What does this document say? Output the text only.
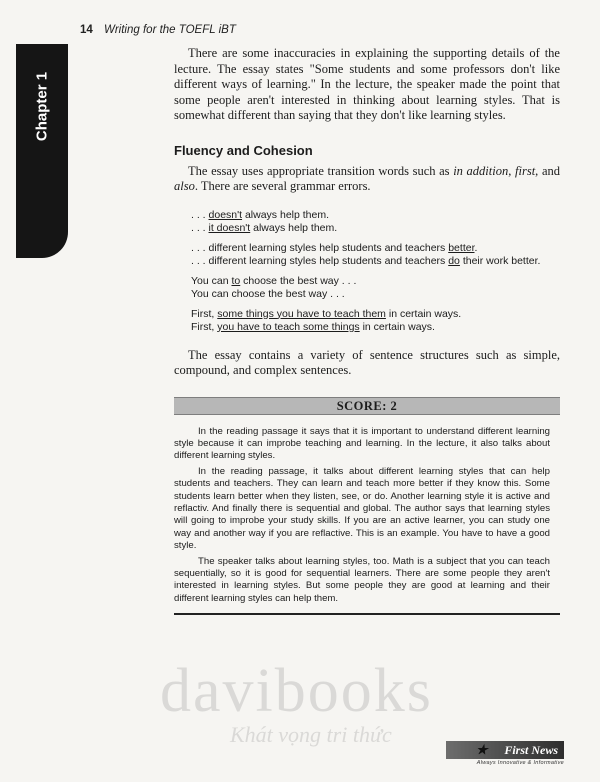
14 Writing for the TOEFL iBT
Chapter 1

There are some inaccuracies in explaining the supporting details of the lecture. The essay states "Some students and some professors don't like different ways of learning." In the lecture, the speaker made the point that some people aren't interested in thinking about learning styles. That is somewhat different than saying that they don't like learning styles.

Fluency and Cohesion

The essay uses appropriate transition words such as in addition, first, and also. There are several grammar errors.

. . . doesn't always help them.
. . . it doesn't always help them.
. . . different learning styles help students and teachers better.
. . . different learning styles help students and teachers do their work better.
You can to choose the best way . . .
You can choose the best way . . .
First, some things you have to teach them in certain ways.
First, you have to teach some things in certain ways.

The essay contains a variety of sentence structures such as simple, compound, and complex sentences.

SCORE: 2

In the reading passage it says that it is important to understand different learning style because it can improbe teaching and learning. In the lecture, it also talks about different learning styles.

In the reading passage, it talks about different learning styles that can help students and teachers. They can learn and teach more better if they know this. Some students learn better when they listen, see, or do. Another learning style it is active and reflactiv. And finally there is sequential and global. The author says that learning styles will going to improbe your study skills. If you are an active learner, you can study one way and another way if you are reflactive. This is an example. You have to have a good style.

The speaker talks about learning styles, too. Math is a subject that you can teach sequentially, so it is good for sequential learners. There are some people they aren't interested in learning styles. But some people they are good at learning and their different learning styles can help them.

davibooks
Khát vọng tri thức
★ First News
Always Innovative & Informative
